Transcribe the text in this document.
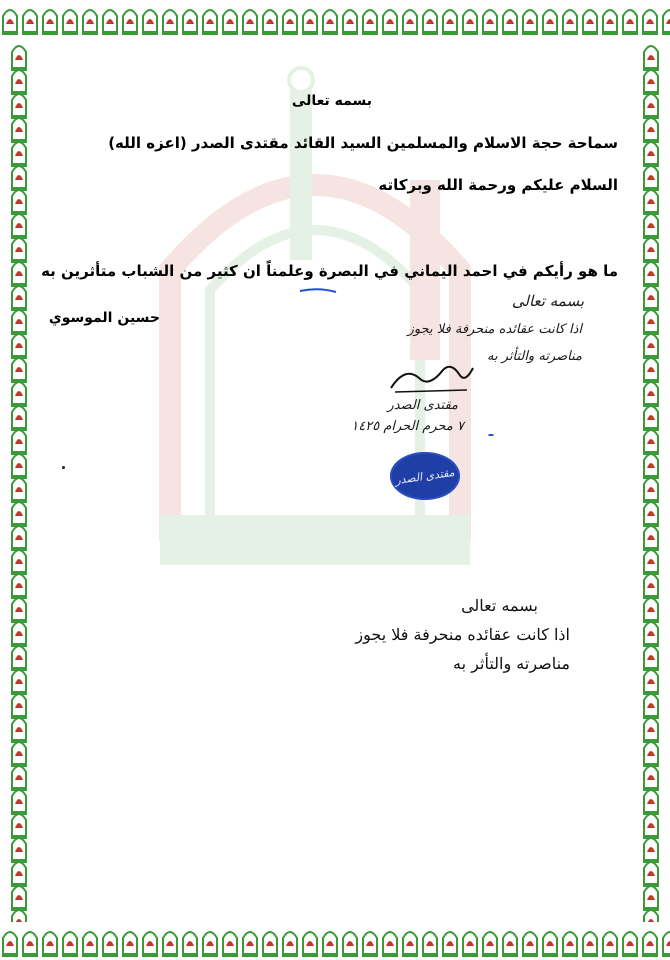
بسمه تعالى
سماحة حجة الاسلام والمسلمين السيد القائد مقتدى الصدر (اعزه الله)
السلام عليكم ورحمة الله وبركاته
ما هو رأيكم في احمد اليماني في البصرة وعلمناً ان كثير من الشباب متأثرين به
حسين الموسوي
بسمه تعالى
اذا كانت عقائده منحرفة فلا يجوز
مناصرته والتأثر به
مقتدى الصدر
٧ محرم الحرام ١٤٢٥
مقتدى الصدر
بسمه تعالى
اذا كانت عقائده منحرفة فلا يجوز
مناصرته والتأثر به
